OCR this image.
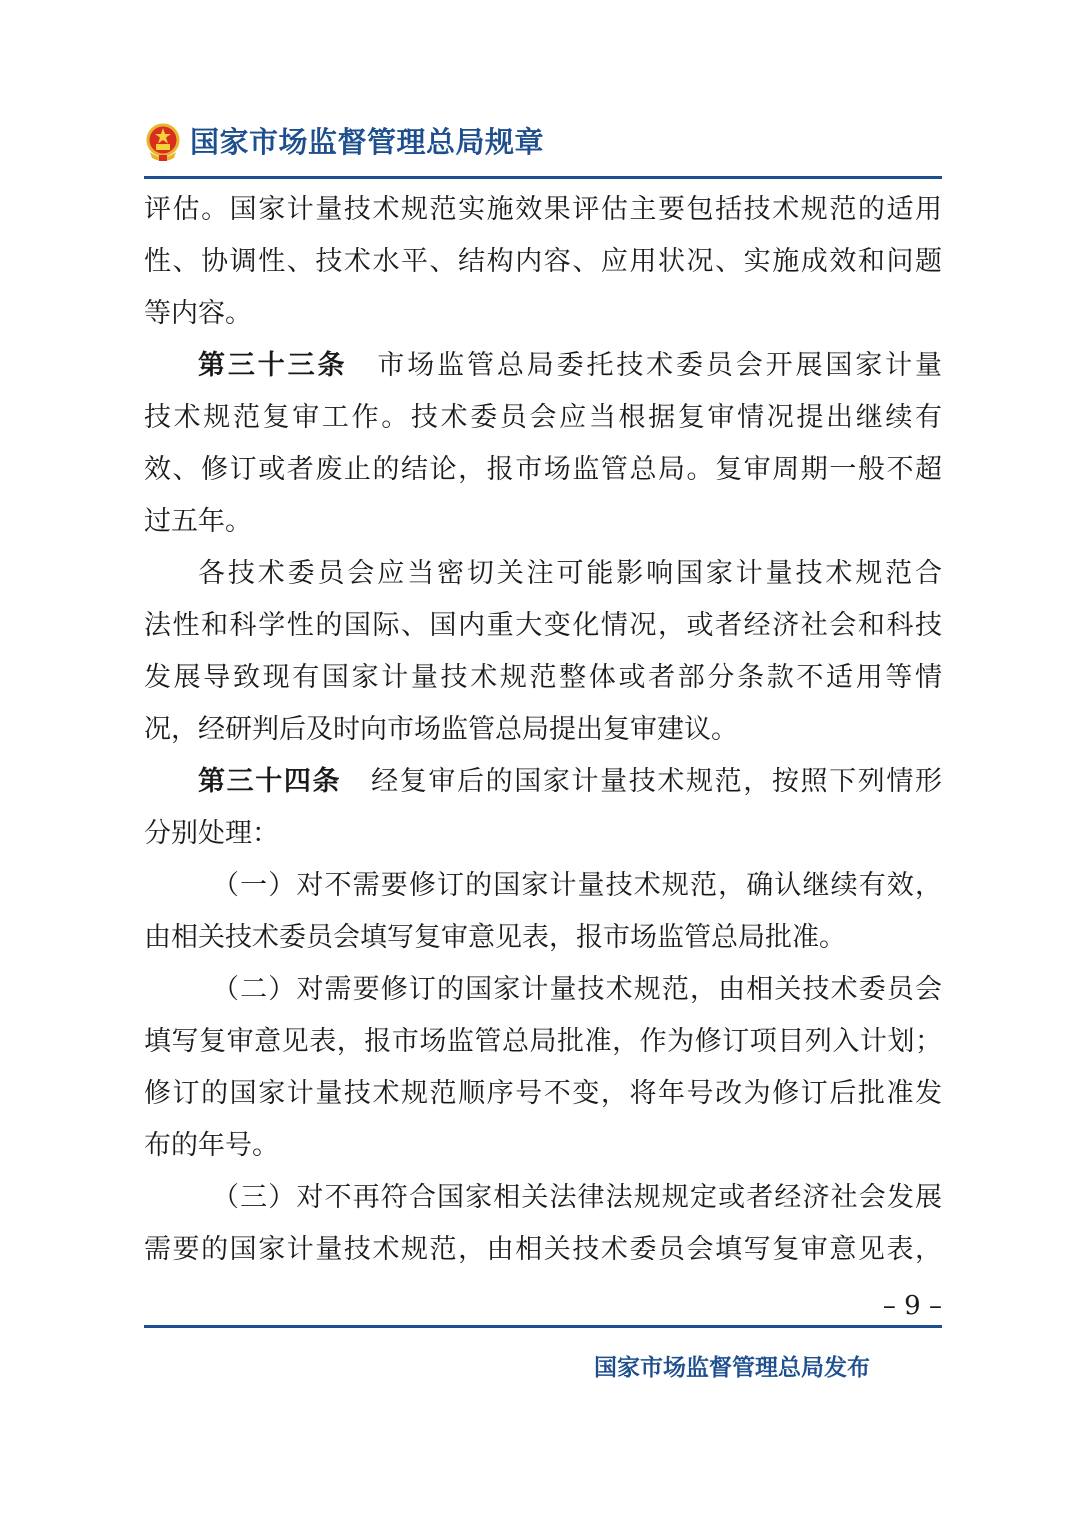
国家市场监督管理总局规章
评估。国家计量技术规范实施效果评估主要包括技术规范的适用
性、协调性、技术水平、结构内容、应用状况、实施成效和问题
等内容。
第三十三条 市场监管总局委托技术委员会开展国家计量
技术规范复审工作。技术委员会应当根据复审情况提出继续有
效、修订或者废止的结论，报市场监管总局。复审周期一般不超
过五年。
各技术委员会应当密切关注可能影响国家计量技术规范合
法性和科学性的国际、国内重大变化情况，或者经济社会和科技
发展导致现有国家计量技术规范整体或者部分条款不适用等情
况，经研判后及时向市场监管总局提出复审建议。
第三十四条 经复审后的国家计量技术规范，按照下列情形
分别处理：
（一）对不需要修订的国家计量技术规范，确认继续有效，
由相关技术委员会填写复审意见表，报市场监管总局批准。
（二）对需要修订的国家计量技术规范，由相关技术委员会
填写复审意见表，报市场监管总局批准，作为修订项目列入计划；
修订的国家计量技术规范顺序号不变，将年号改为修订后批准发
布的年号。
（三）对不再符合国家相关法律法规规定或者经济社会发展
需要的国家计量技术规范，由相关技术委员会填写复审意见表，
– 9 –
国家市场监督管理总局发布
